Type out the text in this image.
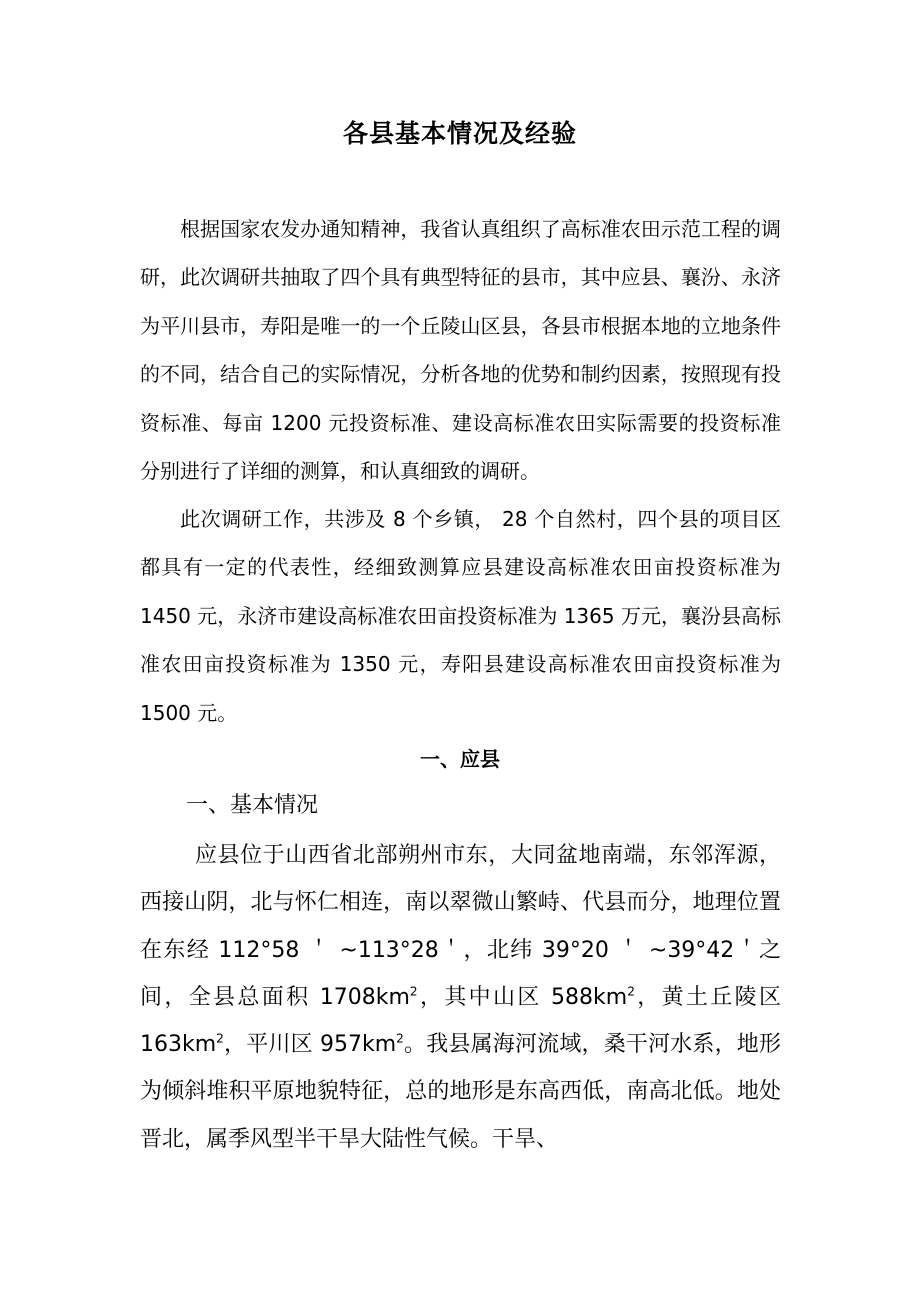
各县基本情况及经验

根据国家农发办通知精神，我省认真组织了高标准农田示范工程的调研，此次调研共抽取了四个具有典型特征的县市，其中应县、襄汾、永济为平川县市，寿阳是唯一的一个丘陵山区县，各县市根据本地的立地条件的不同，结合自己的实际情况，分析各地的优势和制约因素，按照现有投资标准、每亩 1200 元投资标准、建设高标准农田实际需要的投资标准分别进行了详细的测算，和认真细致的调研。

此次调研工作，共涉及 8 个乡镇， 28 个自然村，四个县的项目区都具有一定的代表性，经细致测算应县建设高标准农田亩投资标准为 1450 元，永济市建设高标准农田亩投资标准为 1365 万元，襄汾县高标准农田亩投资标准为 1350 元，寿阳县建设高标准农田亩投资标准为 1500 元。

一、应县
一、基本情况

应县位于山西省北部朔州市东，大同盆地南端，东邻浑源，西接山阴，北与怀仁相连，南以翠微山繁峙、代县而分，地理位置在东经 112°58 ＇ ~113°28＇，北纬 39°20 ＇ ~39°42＇之间，全县总面积 $1708km^2$，其中山区 $588km^2$，黄土丘陵区 $163km^2$，平川区 $957km^2$。我县属海河流域，桑干河水系，地形为倾斜堆积平原地貌特征，总的地形是东高西低，南高北低。地处晋北，属季风型半干旱大陆性气候。干旱、
